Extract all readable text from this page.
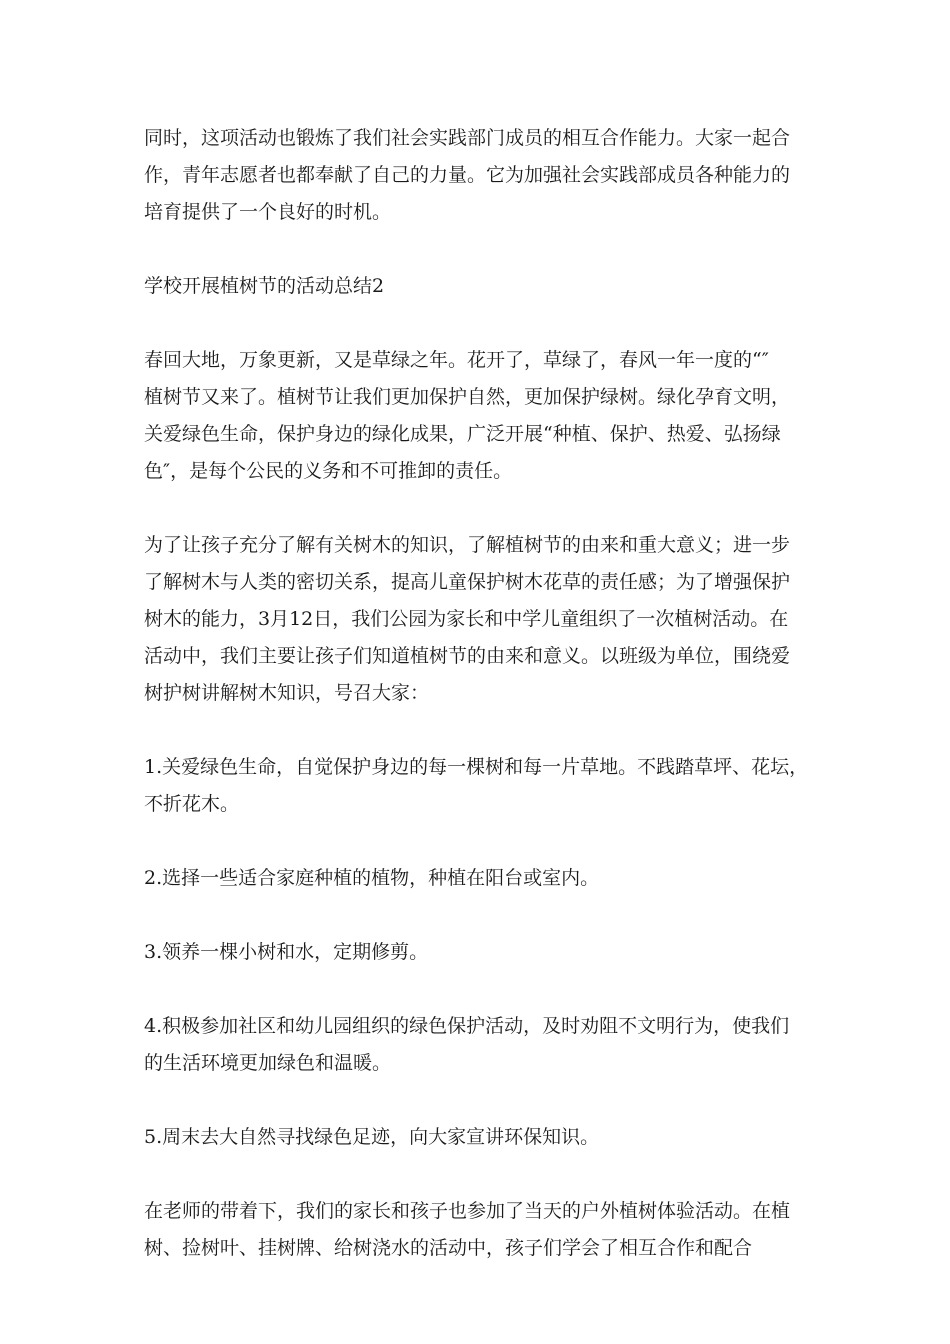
同时，这项活动也锻炼了我们社会实践部门成员的相互合作能力。大家一起合
作，青年志愿者也都奉献了自己的力量。它为加强社会实践部成员各种能力的
培育提供了一个良好的时机。

学校开展植树节的活动总结2

春回大地，万象更新，又是草绿之年。花开了，草绿了，春风一年一度的“″
植树节又来了。植树节让我们更加保护自然，更加保护绿树。绿化孕育文明，
关爱绿色生命，保护身边的绿化成果，广泛开展“种植、保护、热爱、弘扬绿
色″，是每个公民的义务和不可推卸的责任。

为了让孩子充分了解有关树木的知识，了解植树节的由来和重大意义；进一步
了解树木与人类的密切关系，提高儿童保护树木花草的责任感；为了增强保护
树木的能力，3月12日，我们公园为家长和中学儿童组织了一次植树活动。在
活动中，我们主要让孩子们知道植树节的由来和意义。以班级为单位，围绕爱
树护树讲解树木知识，号召大家：

1.关爱绿色生命，自觉保护身边的每一棵树和每一片草地。不践踏草坪、花坛，
不折花木。

2.选择一些适合家庭种植的植物，种植在阳台或室内。

3.领养一棵小树和水，定期修剪。

4.积极参加社区和幼儿园组织的绿色保护活动，及时劝阻不文明行为，使我们
的生活环境更加绿色和温暖。

5.周末去大自然寻找绿色足迹，向大家宣讲环保知识。

在老师的带着下，我们的家长和孩子也参加了当天的户外植树体验活动。在植
树、捡树叶、挂树牌、给树浇水的活动中，孩子们学会了相互合作和配合
